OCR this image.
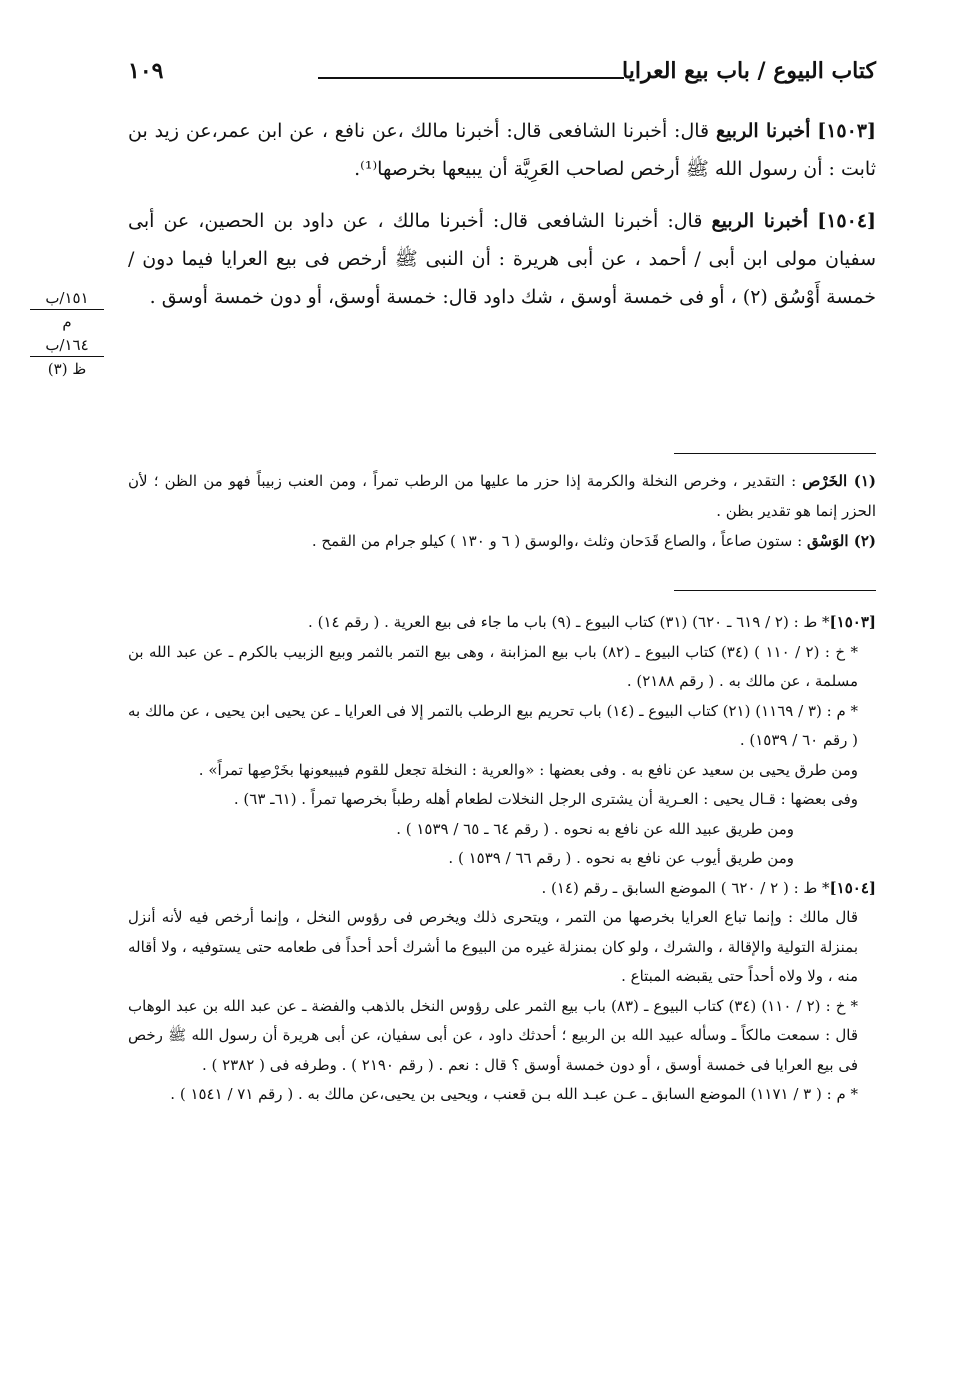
كتاب البيوع / باب بيع العرايا
١٠٩

[١٥٠٣] أخبرنا الربيع قال: أخبرنا الشافعى قال: أخبرنا مالك ،عن نافع ، عن ابن عمر،عن زيد بن ثابت : أن رسول الله ﷺ أرخص لصاحب العَرِيَّة أن يبيعها بخرصها⁽¹⁾.

[١٥٠٤] أخبرنا الربيع قال: أخبرنا الشافعى قال: أخبرنا مالك ، عن داود بن الحصين، عن أبى سفيان مولى ابن أبى / أحمد ، عن أبى هريرة : أن النبى ﷺ أرخص فى بيع العرايا فيما دون /خمسة أَوْسُق (٢) ، أو فى خمسة أوسق ، شك داود قال: خمسة أوسق، أو دون خمسة أوسق .

١٥١/ب
م
١٦٤/ب
ظ (٣)

(١) الخَرْص : التقدير ، وخرص النخلة والكرمة إذا حزر ما عليها من الرطب تمراً ، ومن العنب زبيباً فهو من الظن ؛ لأن الحزر إنما هو تقدير بظن .

(٢) الوَسْق : ستون صاعاً ، والصاع قَدَحان وثلث ،والوسق ( ٦ و ١٣٠ ) كيلو جرام من القمح .

[١٥٠٣]* ط : (٢ / ٦١٩ ـ ٦٢٠) (٣١) كتاب البيوع ـ (٩) باب ما جاء فى بيع العرية . ( رقم ١٤) .

* خ : (٢ / ١١٠ ) (٣٤) كتاب البيوع ـ (٨٢) باب بيع المزابنة ، وهى بيع التمر بالثمر وبيع الزبيب بالكرم ـ عن عبد الله بن مسلمة ، عن مالك به . ( رقم ٢١٨٨) .

* م : (٣ / ١١٦٩) (٢١) كتاب البيوع ـ (١٤) باب تحريم بيع الرطب بالتمر إلا فى العرايا ـ عن يحيى ابن يحيى ، عن مالك به ( رقم ٦٠ / ١٥٣٩) .

ومن طرق يحيى بن سعيد عن نافع به . وفى بعضها : «والعرية : النخلة تجعل للقوم فيبيعونها بخَرْصِها تمراً» .

وفى بعضها : قـال يحيى : العـرية أن يشترى الرجل النخلات لطعام أهله رطباً بخرصها تمراً . (٦١ـ ٦٣) .

ومن طريق عبيد الله عن نافع به نحوه . ( رقم ٦٤ ـ ٦٥ / ١٥٣٩ ) .

ومن طريق أيوب عن نافع به نحوه . ( رقم ٦٦ / ١٥٣٩ ) .

[١٥٠٤]* ط : ( ٢ / ٦٢٠ ) الموضع السابق ـ رقم (١٤) .

قال مالك : وإنما تباع العرايا بخرصها من التمر ، ويتحرى ذلك ويخرص فى رؤوس النخل ، وإنما أرخص فيه لأنه أنزل بمنزلة التولية والإقالة ، والشرك ، ولو كان بمنزلة غيره من البيوع ما أشرك أحد أحداً فى طعامه حتى يستوفيه ، ولا أقاله منه ، ولا ولاه أحداً حتى يقبضه المبتاع .

* خ : (٢ / ١١٠) (٣٤) كتاب البيوع ـ (٨٣) باب بيع الثمر على رؤوس النخل بالذهب والفضة ـ عن عبد الله بن عبد الوهاب قال : سمعت مالكاً ـ وسأله عبيد الله بن الربيع ؛ أحدثك داود ، عن أبى سفيان، عن أبى هريرة أن رسول الله ﷺ رخص فى بيع العرايا فى خمسة أوسق ، أو دون خمسة أوسق ؟ قال : نعم . ( رقم ٢١٩٠ ) . وطرفه فى ( ٢٣٨٢ ) .

* م : ( ٣ / ١١٧١) الموضع السابق ـ عـن عبـد الله بـن قعنب ، ويحيى بن يحيى،عن مالك به . ( رقم ٧١ / ١٥٤١ ) .
